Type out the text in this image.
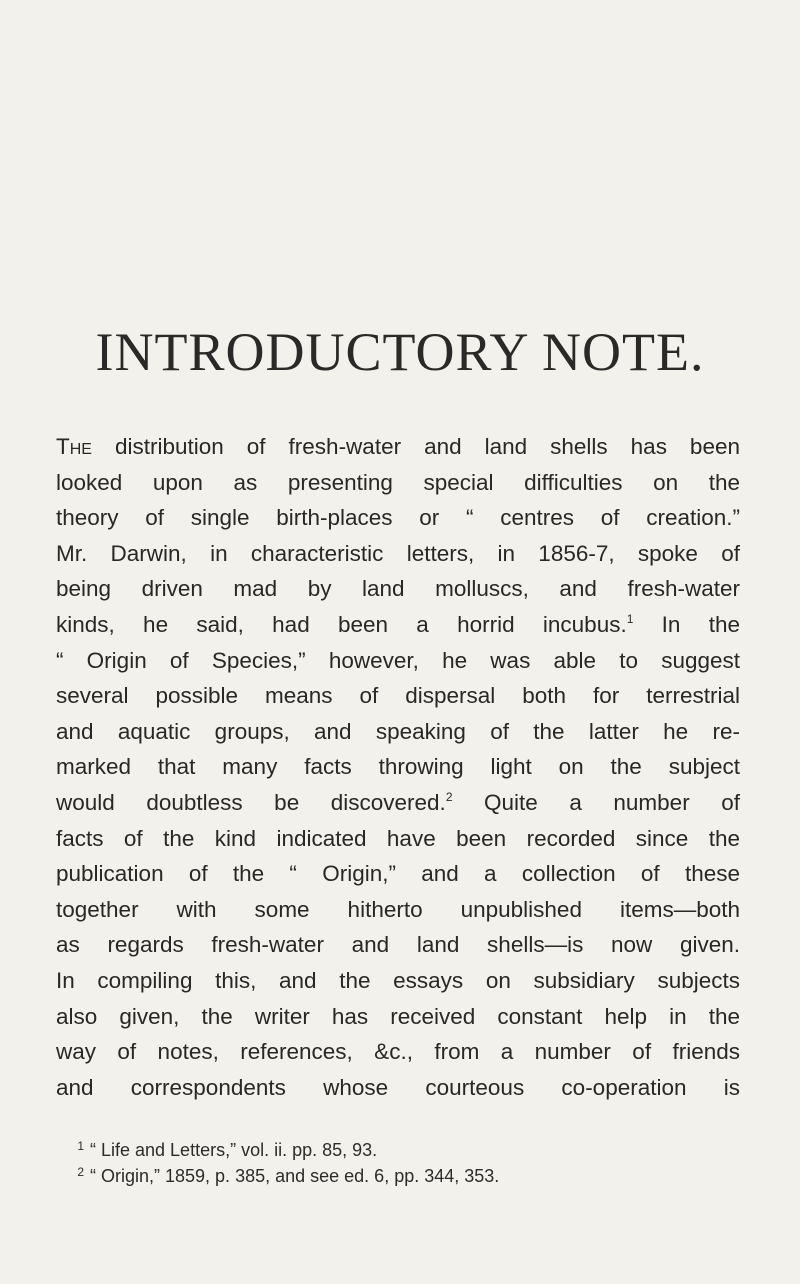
INTRODUCTORY NOTE.
The distribution of fresh-water and land shells has been
looked upon as presenting special difficulties on the
theory of single birth-places or “ centres of creation.”
Mr. Darwin, in characteristic letters, in 1856-7, spoke of
being driven mad by land molluscs, and fresh-water
kinds, he said, had been a horrid incubus.$^1$ In the
“ Origin of Species,” however, he was able to suggest
several possible means of dispersal both for terrestrial
and aquatic groups, and speaking of the latter he re-
marked that many facts throwing light on the subject
would doubtless be discovered.$^2$ Quite a number of
facts of the kind indicated have been recorded since the
publication of the “ Origin,” and a collection of these
together with some hitherto unpublished items—both
as regards fresh-water and land shells—is now given.
In compiling this, and the essays on subsidiary subjects
also given, the writer has received constant help in the
way of notes, references, &c., from a number of friends
and correspondents whose courteous co-operation is
1 “ Life and Letters,” vol. ii. pp. 85, 93.
2 “ Origin,” 1859, p. 385, and see ed. 6, pp. 344, 353.
